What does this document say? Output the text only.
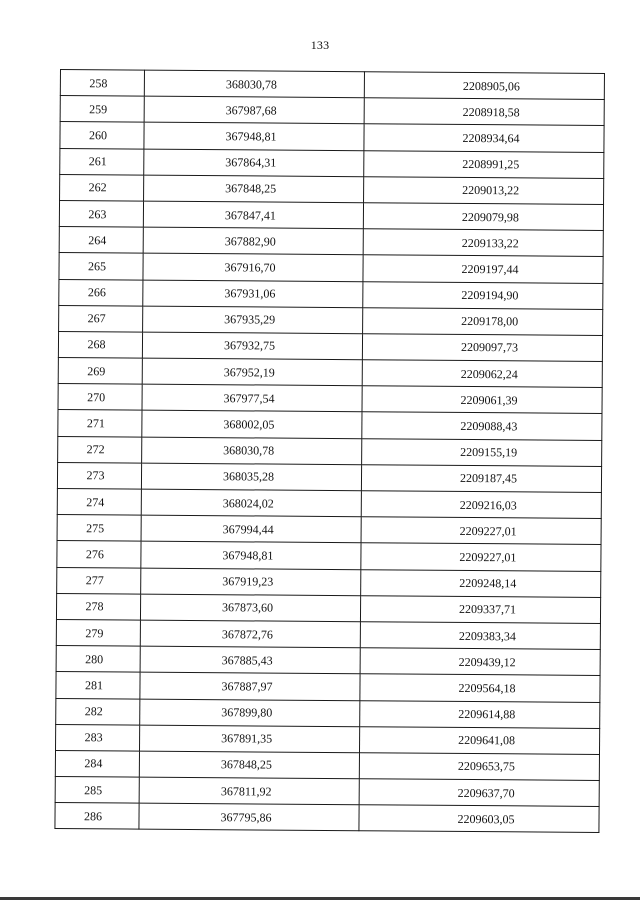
133
258	368030,78	2208905,06
259	367987,68	2208918,58
260	367948,81	2208934,64
261	367864,31	2208991,25
262	367848,25	2209013,22
263	367847,41	2209079,98
264	367882,90	2209133,22
265	367916,70	2209197,44
266	367931,06	2209194,90
267	367935,29	2209178,00
268	367932,75	2209097,73
269	367952,19	2209062,24
270	367977,54	2209061,39
271	368002,05	2209088,43
272	368030,78	2209155,19
273	368035,28	2209187,45
274	368024,02	2209216,03
275	367994,44	2209227,01
276	367948,81	2209227,01
277	367919,23	2209248,14
278	367873,60	2209337,71
279	367872,76	2209383,34
280	367885,43	2209439,12
281	367887,97	2209564,18
282	367899,80	2209614,88
283	367891,35	2209641,08
284	367848,25	2209653,75
285	367811,92	2209637,70
286	367795,86	2209603,05
